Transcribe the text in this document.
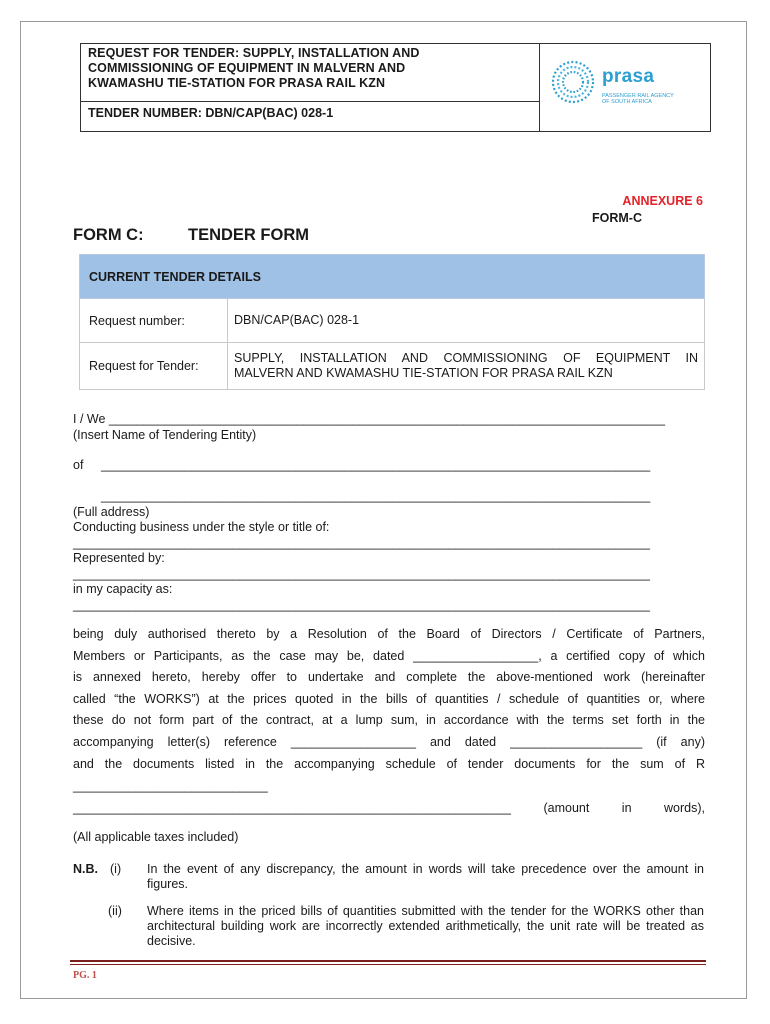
REQUEST FOR TENDER: SUPPLY, INSTALLATION AND
COMMISSIONING OF EQUIPMENT IN MALVERN AND
KWAMASHU TIE-STATION FOR PRASA RAIL KZN
TENDER NUMBER: DBN/CAP(BAC) 028-1
prasa
PASSENGER RAIL AGENCY OF SOUTH AFRICA
ANNEXURE 6
FORM-C
FORM C:	TENDER FORM
CURRENT TENDER DETAILS
Request number:	DBN/CAP(BAC) 028-1
Request for Tender:
SUPPLY, INSTALLATION AND COMMISSIONING OF EQUIPMENT IN
MALVERN AND KWAMASHU TIE-STATION FOR PRASA RAIL KZN
I / We ________________________________________________________________________________
(Insert Name of Tendering Entity)
of _______________________________________________________________________________
_______________________________________________________________________________
(Full address)
Conducting business under the style or title of:
___________________________________________________________________________________
Represented by:
___________________________________________________________________________________
in my capacity as:
___________________________________________________________________________________
being duly authorised thereto by a Resolution of the Board of Directors / Certificate of Partners,
Members or Participants, as the case may be, dated __________________, a certified copy of which
is annexed hereto, hereby offer to undertake and complete the above-mentioned work (hereinafter
called “the WORKS”) at the prices quoted in the bills of quantities / schedule of quantities or, where
these do not form part of the contract, at a lump sum, in accordance with the terms set forth in the
accompanying letter(s) reference __________________ and dated ___________________ (if any)
and the documents listed in the accompanying schedule of tender documents for the sum of R
____________________________
_______________________________________________________________ (amount in words),
(All applicable taxes included)
N.B. (i) In the event of any discrepancy, the amount in words will take precedence over the amount in figures.
(ii) Where items in the priced bills of quantities submitted with the tender for the WORKS other than architectural building work are incorrectly extended arithmetically, the unit rate will be treated as decisive.
PG. 1
